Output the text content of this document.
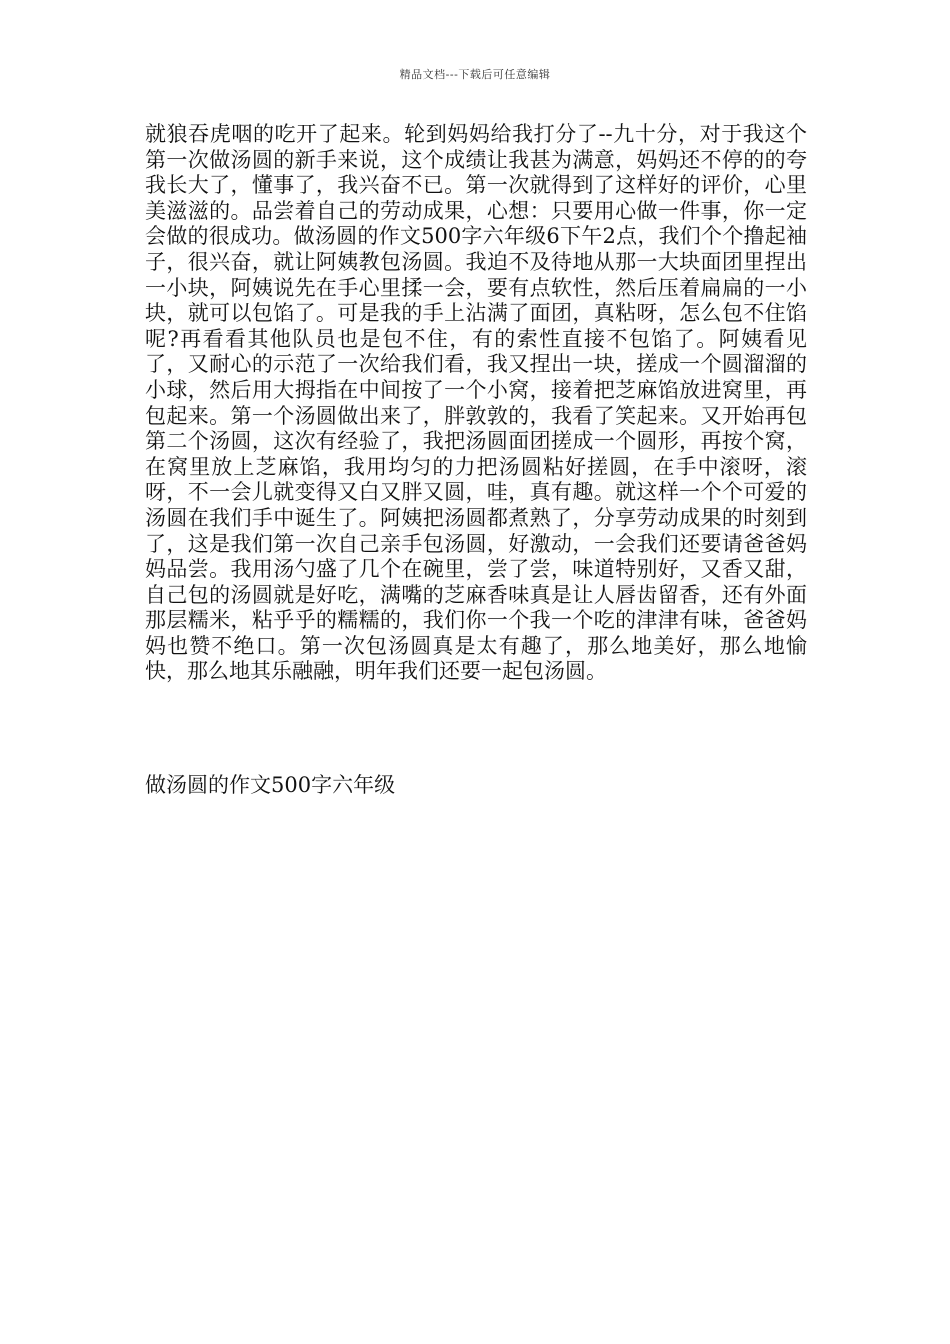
精品文档---下载后可任意编辑
就狼吞虎咽的吃开了起来。轮到妈妈给我打分了--九十分，对于我这个第一次做汤圆的新手来说，这个成绩让我甚为满意，妈妈还不停的的夸我长大了，懂事了，我兴奋不已。第一次就得到了这样好的评价，心里美滋滋的。品尝着自己的劳动成果，心想：只要用心做一件事，你一定会做的很成功。做汤圆的作文500字六年级6下午2点，我们个个撸起袖子，很兴奋，就让阿姨教包汤圆。我迫不及待地从那一大块面团里捏出一小块，阿姨说先在手心里揉一会，要有点软性，然后压着扁扁的一小块，就可以包馅了。可是我的手上沾满了面团，真粘呀，怎么包不住馅呢?再看看其他队员也是包不住，有的索性直接不包馅了。阿姨看见了，又耐心的示范了一次给我们看，我又捏出一块，搓成一个圆溜溜的小球，然后用大拇指在中间按了一个小窝，接着把芝麻馅放进窝里，再包起来。第一个汤圆做出来了，胖敦敦的，我看了笑起来。又开始再包第二个汤圆，这次有经验了，我把汤圆面团搓成一个圆形，再按个窝，在窝里放上芝麻馅，我用均匀的力把汤圆粘好搓圆，在手中滚呀，滚呀，不一会儿就变得又白又胖又圆，哇，真有趣。就这样一个个可爱的汤圆在我们手中诞生了。阿姨把汤圆都煮熟了，分享劳动成果的时刻到了，这是我们第一次自己亲手包汤圆，好激动，一会我们还要请爸爸妈妈品尝。我用汤勺盛了几个在碗里，尝了尝，味道特别好，又香又甜，自己包的汤圆就是好吃，满嘴的芝麻香味真是让人唇齿留香，还有外面那层糯米，粘乎乎的糯糯的，我们你一个我一个吃的津津有味，爸爸妈妈也赞不绝口。第一次包汤圆真是太有趣了，那么地美好，那么地愉快，那么地其乐融融，明年我们还要一起包汤圆。
做汤圆的作文500字六年级
